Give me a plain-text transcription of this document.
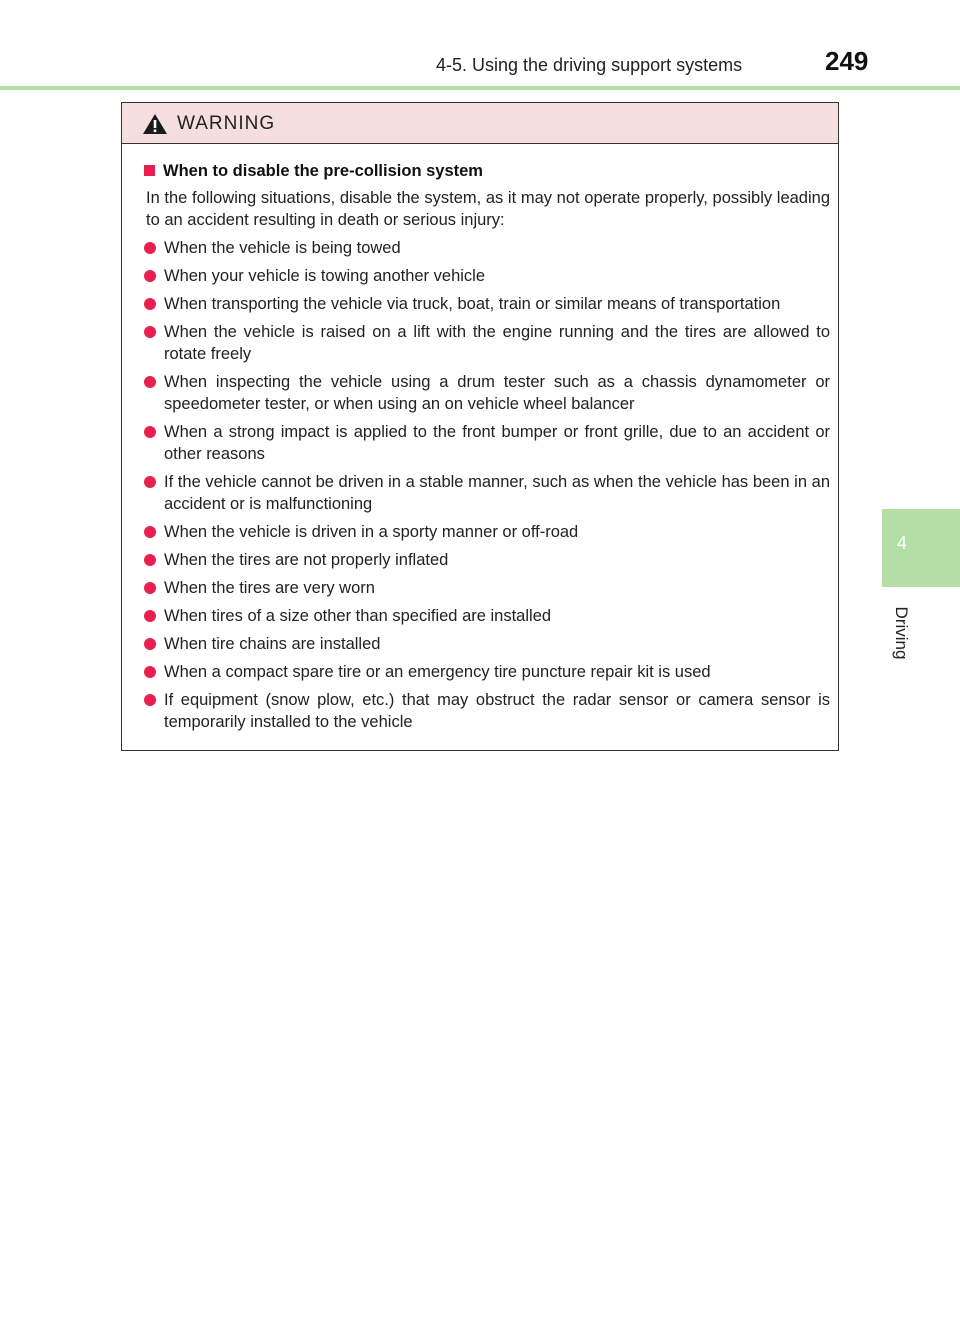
4-5. Using the driving support systems	249
4
Driving
WARNING
When to disable the pre-collision system

In the following situations, disable the system, as it may not operate properly, possibly leading to an accident resulting in death or serious injury:

When the vehicle is being towed
When your vehicle is towing another vehicle
When transporting the vehicle via truck, boat, train or similar means of transportation
When the vehicle is raised on a lift with the engine running and the tires are allowed to rotate freely
When inspecting the vehicle using a drum tester such as a chassis dynamometer or speedometer tester, or when using an on vehicle wheel balancer
When a strong impact is applied to the front bumper or front grille, due to an accident or other reasons
If the vehicle cannot be driven in a stable manner, such as when the vehicle has been in an accident or is malfunctioning
When the vehicle is driven in a sporty manner or off-road
When the tires are not properly inflated
When the tires are very worn
When tires of a size other than specified are installed
When tire chains are installed
When a compact spare tire or an emergency tire puncture repair kit is used
If equipment (snow plow, etc.) that may obstruct the radar sensor or camera sensor is temporarily installed to the vehicle
